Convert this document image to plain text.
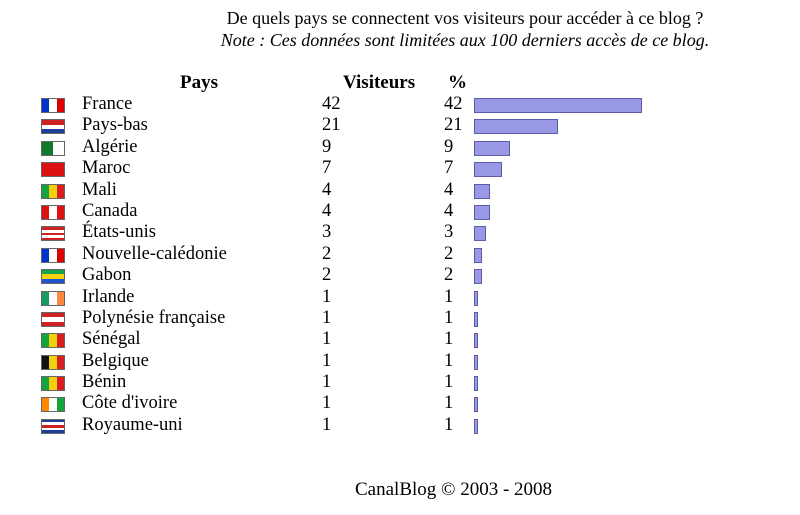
De quels pays se connectent vos visiteurs pour accéder à ce blog ?
Note : Ces données sont limitées aux 100 derniers accès de ce blog.
Pays	Visiteurs %
France	42	42
Pays-bas	21	21
Algérie	9	9
Maroc	7	7
Mali	4	4
Canada	4	4
États-unis	3	3
Nouvelle-calédonie	2	2
Gabon	2	2
Irlande	1	1
Polynésie française	1	1
Sénégal	1	1
Belgique	1	1
Bénin	1	1
Côte d'ivoire	1	1
Royaume-uni	1	1
CanalBlog © 2003 - 2008
